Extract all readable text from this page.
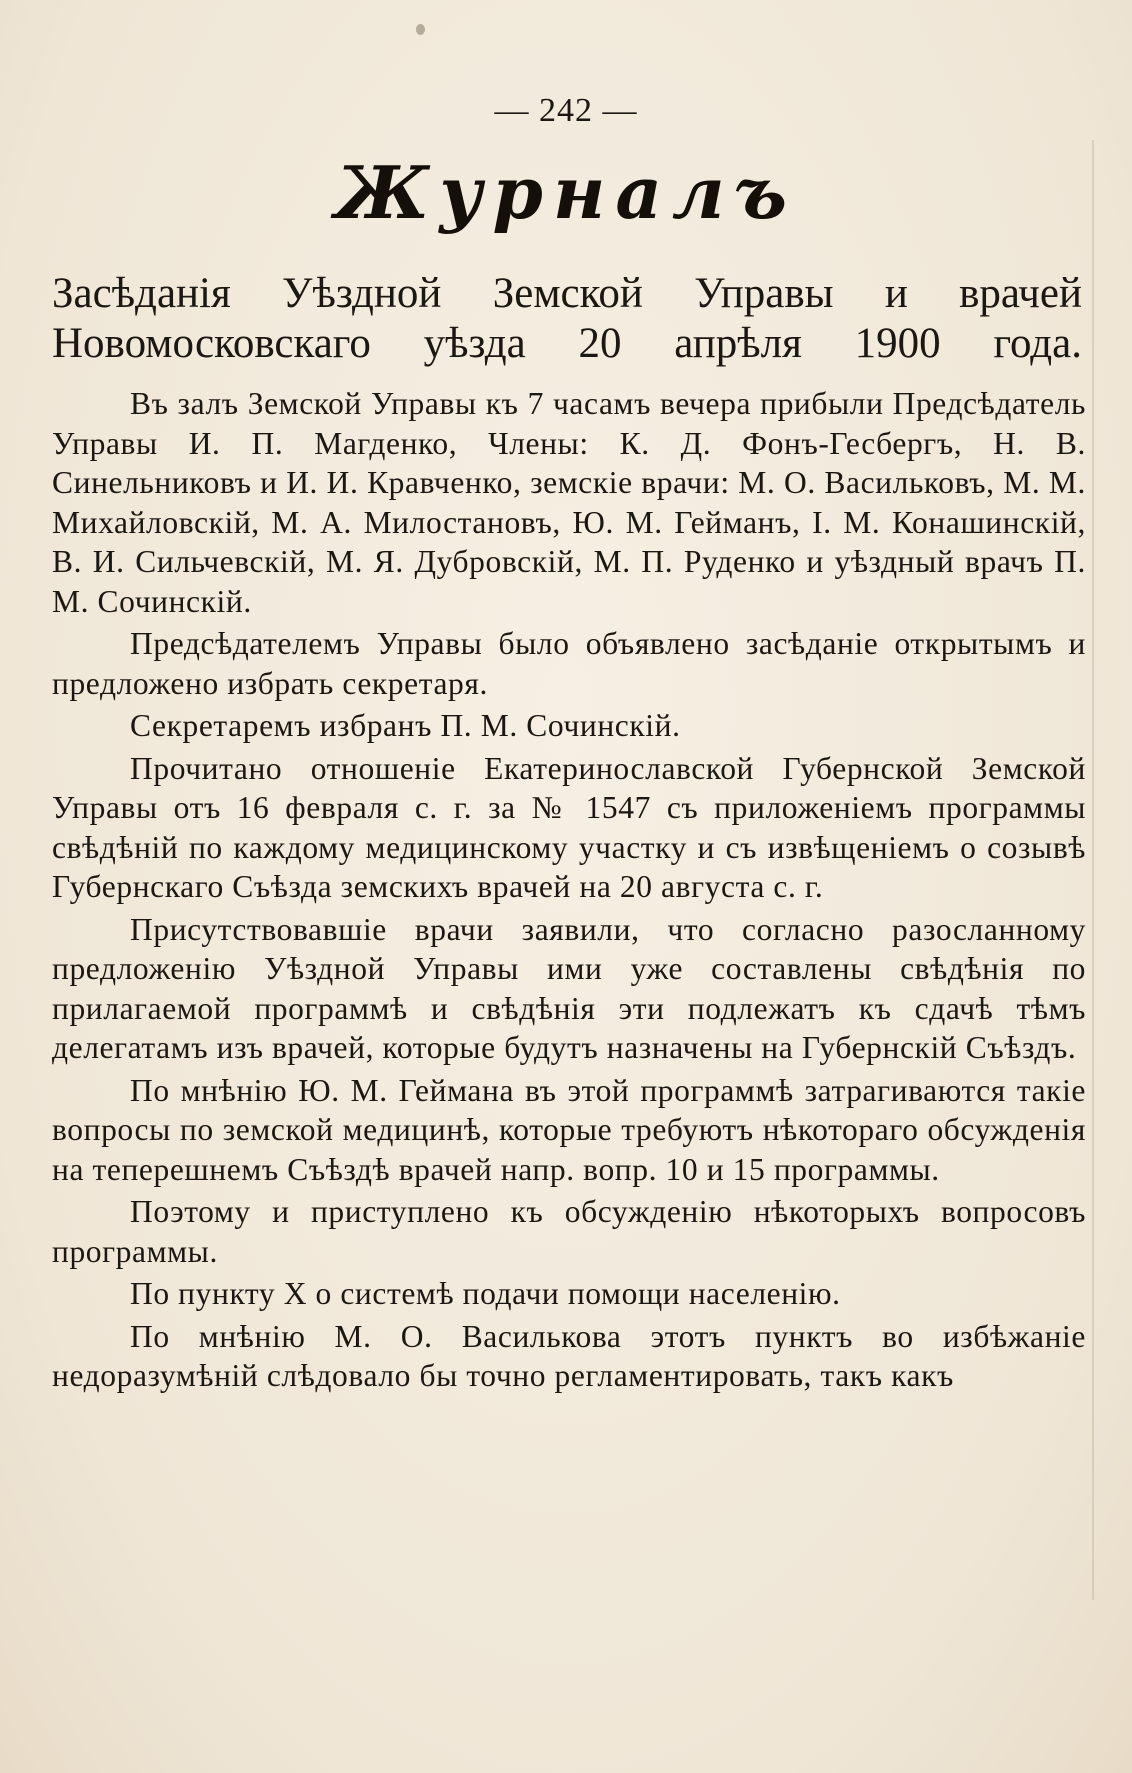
— 242 —
Журналъ
Засѣданія Уѣздной Земской Управы и врачей
Новомосковскаго уѣзда 20 апрѣля 1900 года.

Въ залъ Земской Управы къ 7 часамъ вечера прибыли Предсѣдатель Управы И. П. Магденко, Члены: К. Д. Фонъ-Гесбергъ, Н. В. Синельниковъ и И. И. Кравченко, земскіе врачи: М. О. Васильковъ, М. М. Михайловскій, М. А. Милостановъ, Ю. М. Гейманъ, І. М. Конашинскій, В. И. Сильчевскій, М. Я. Дубровскій, М. П. Руденко и уѣздный врачъ П. М. Сочинскій.

Предсѣдателемъ Управы было объявлено засѣданіе открытымъ и предложено избрать секретаря.

Секретаремъ избранъ П. М. Сочинскій.

Прочитано отношеніе Екатеринославской Губернской Земской Управы отъ 16 февраля с. г. за № 1547 съ приложеніемъ программы свѣдѣній по каждому медицинскому участку и съ извѣщеніемъ о созывѣ Губернскаго Съѣзда земскихъ врачей на 20 августа с. г.

Присутствовавшіе врачи заявили, что согласно разосланному предложенію Уѣздной Управы ими уже составлены свѣдѣнія по прилагаемой программѣ и свѣдѣнія эти подлежатъ къ сдачѣ тѣмъ делегатамъ изъ врачей, которые будутъ назначены на Губернскій Съѣздъ.

По мнѣнію Ю. М. Геймана въ этой программѣ затрагиваются такіе вопросы по земской медицинѣ, которые требуютъ нѣкотораго обсужденія на теперешнемъ Съѣздѣ врачей напр. вопр. 10 и 15 программы.

Поэтому и приступлено къ обсужденію нѣкоторыхъ вопросовъ программы.

По пункту X о системѣ подачи помощи населенію.

По мнѣнію М. О. Василькова этотъ пунктъ во избѣжаніе недоразумѣній слѣдовало бы точно регламентировать, такъ какъ
